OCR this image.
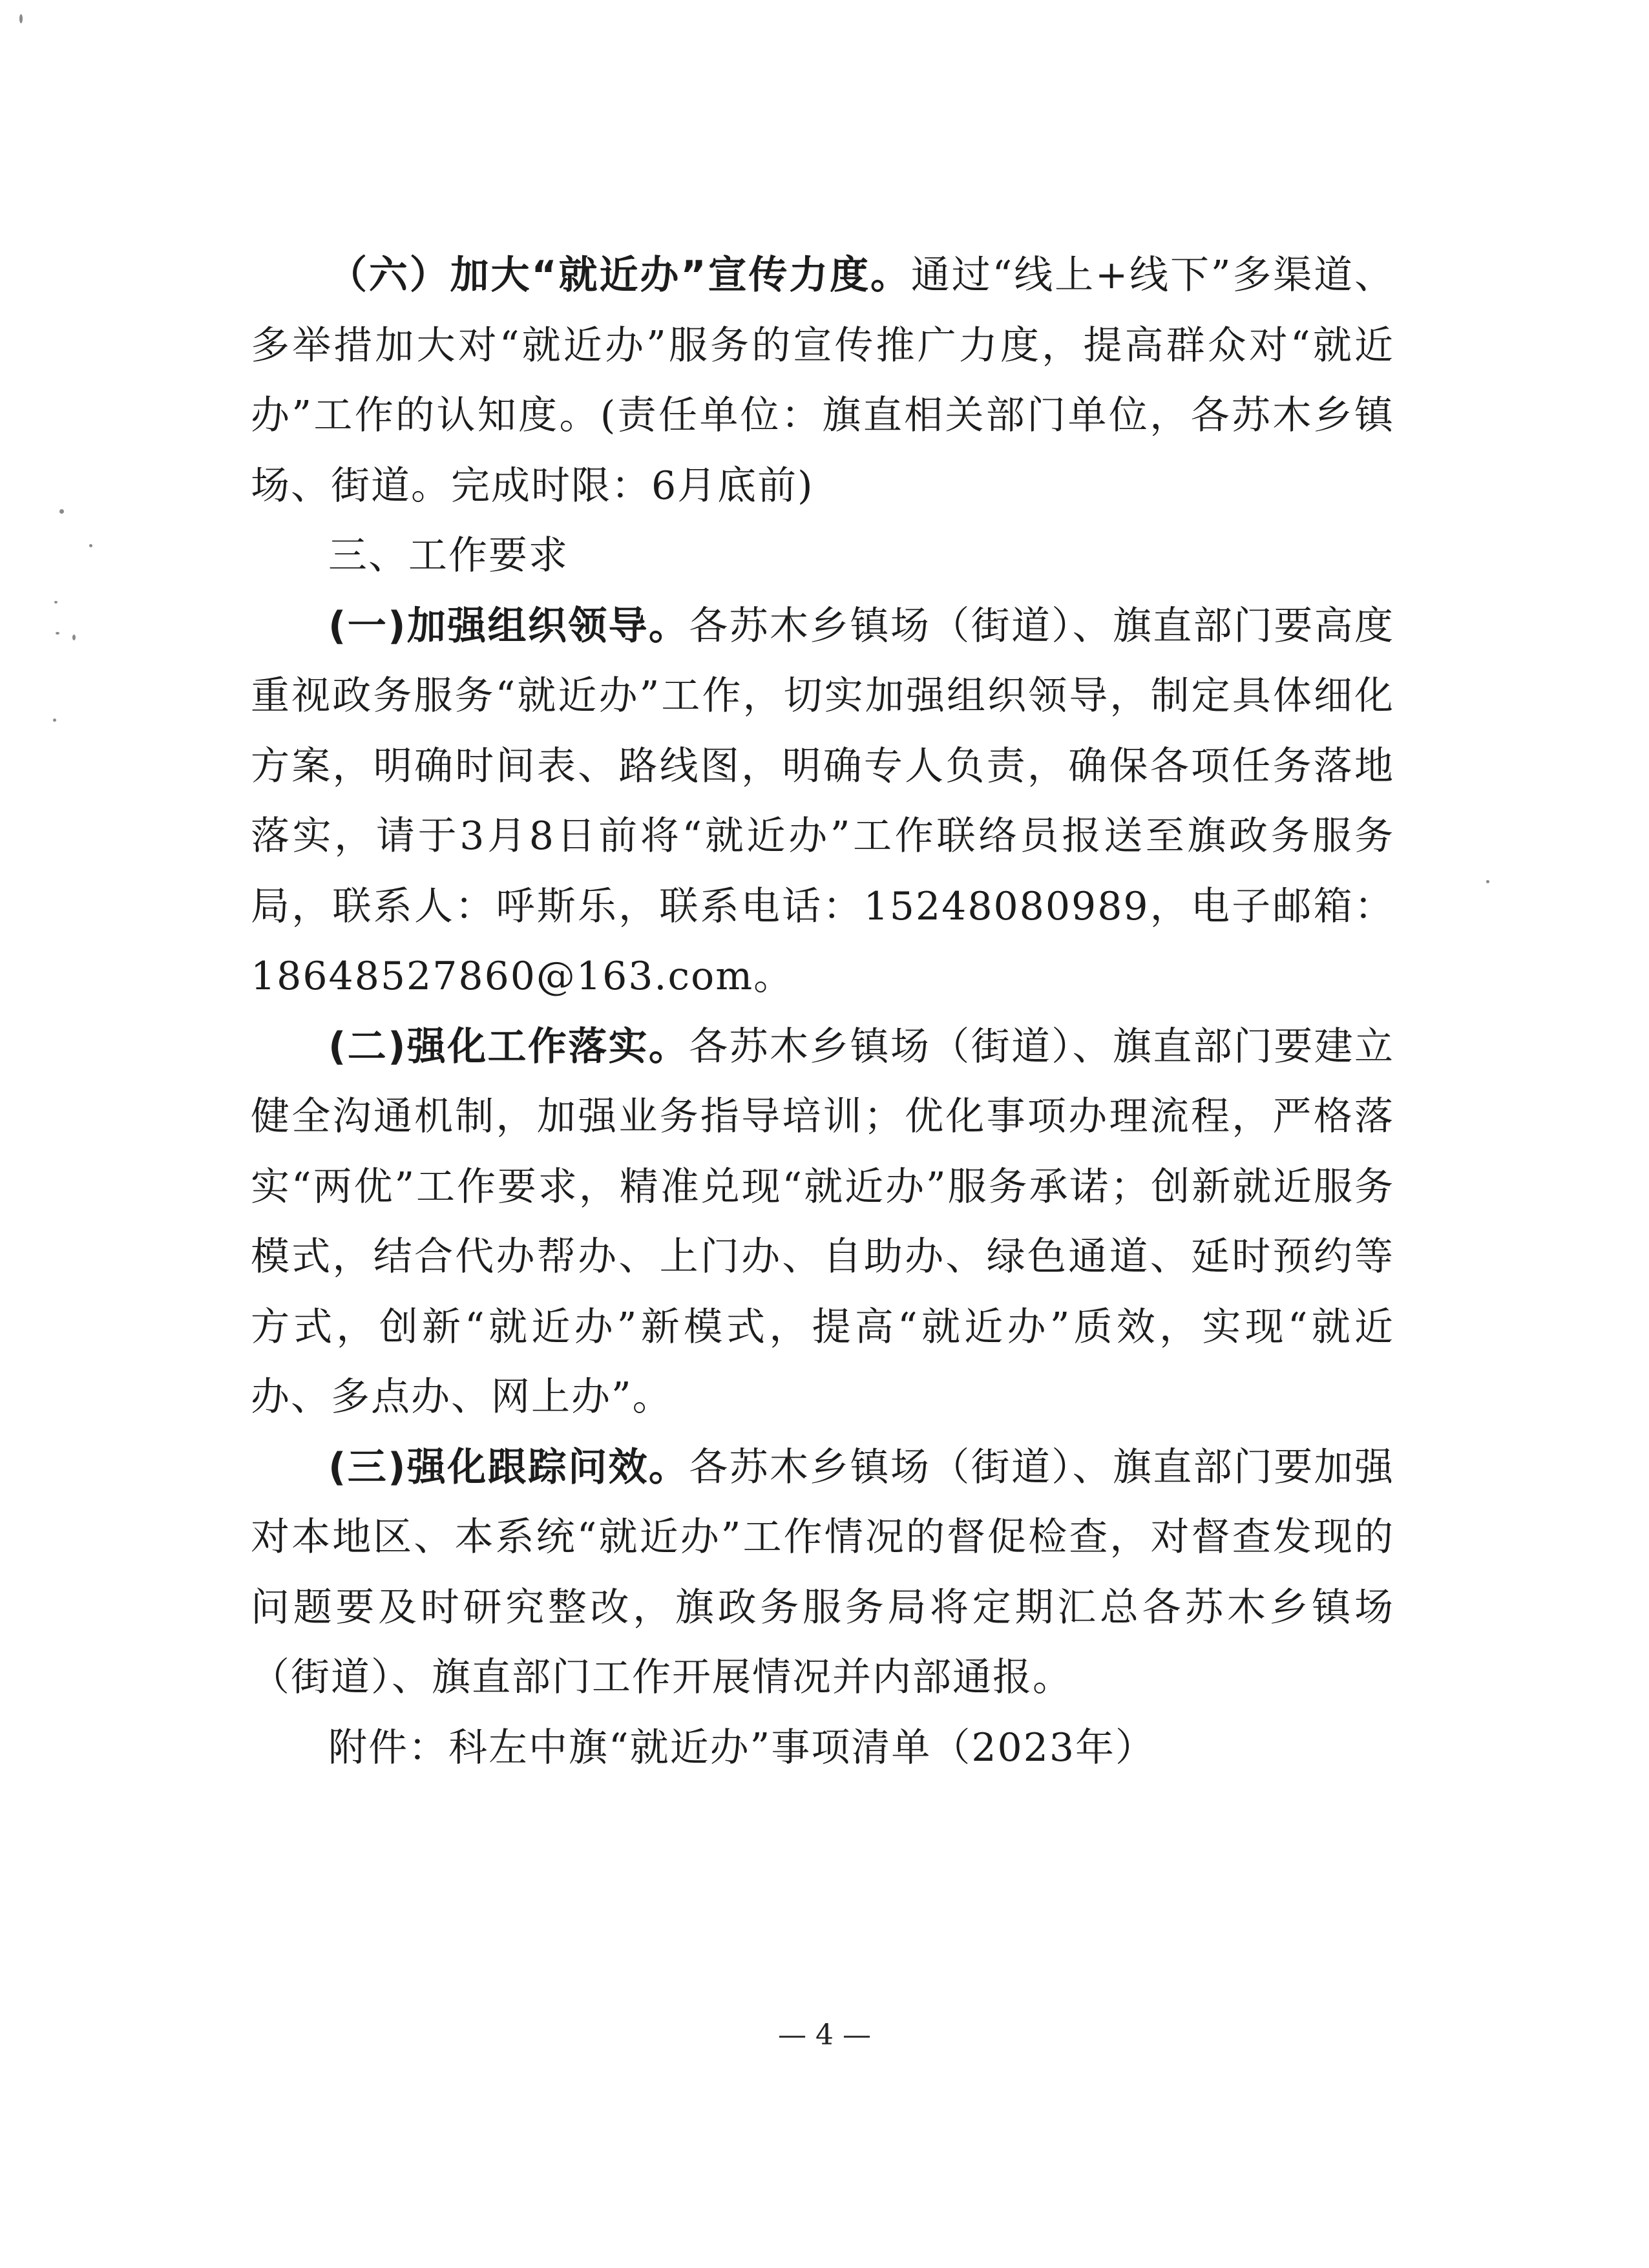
（六）加大“就近办”宣传力度。通过“线上+线下”多渠道、多举措加大对“就近办”服务的宣传推广力度，提高群众对“就近办”工作的认知度。(责任单位：旗直相关部门单位，各苏木乡镇场、街道。完成时限：6月底前)

三、工作要求

(一)加强组织领导。各苏木乡镇场（街道）、旗直部门要高度重视政务服务“就近办”工作，切实加强组织领导，制定具体细化方案，明确时间表、路线图，明确专人负责，确保各项任务落地落实，请于3月8日前将“就近办”工作联络员报送至旗政务服务局，联系人：呼斯乐，联系电话：15248080989，电子邮箱：18648527860@163.com。

(二)强化工作落实。各苏木乡镇场（街道）、旗直部门要建立健全沟通机制，加强业务指导培训；优化事项办理流程，严格落实“两优”工作要求，精准兑现“就近办”服务承诺；创新就近服务模式，结合代办帮办、上门办、自助办、绿色通道、延时预约等方式，创新“就近办”新模式，提高“就近办”质效，实现“就近办、多点办、网上办”。

(三)强化跟踪问效。各苏木乡镇场（街道）、旗直部门要加强对本地区、本系统“就近办”工作情况的督促检查，对督查发现的问题要及时研究整改，旗政务服务局将定期汇总各苏木乡镇场（街道）、旗直部门工作开展情况并内部通报。

附件：科左中旗“就近办”事项清单（2023年）

— 4 —
